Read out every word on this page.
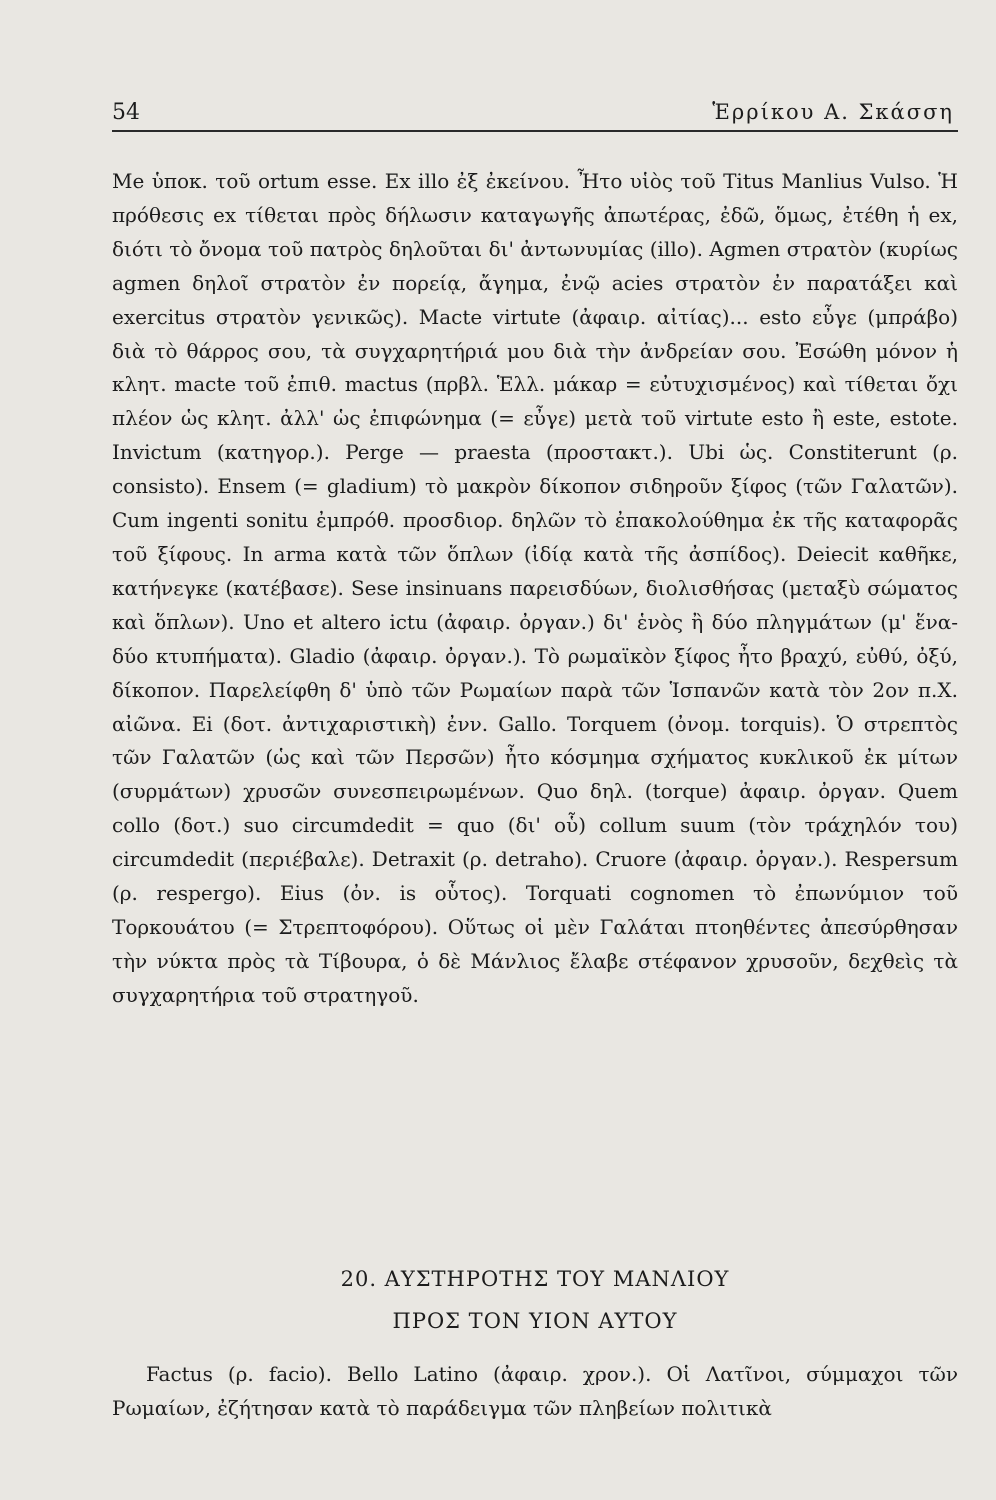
54	Ἑρρίκου Α. Σκάσση

Me ὑποκ. τοῦ ortum esse. Ex illo ἐξ ἐκείνου. Ἦτο υἱὸς τοῦ Titus Manlius Vulso. Ἡ πρόθεσις ex τίθεται πρὸς δήλωσιν καταγωγῆς ἀπωτέρας, ἐδῶ, ὅμως, ἐτέθη ἡ ex, διότι τὸ ὄνομα τοῦ πατρὸς δηλοῦται δι' ἀντωνυμίας (illo). Agmen στρατὸν (κυρίως agmen δηλοῖ στρατὸν ἐν πορείᾳ, ἄγημα, ἐνῷ acies στρατὸν ἐν παρατάξει καὶ exercitus στρατὸν γενικῶς). Macte virtute (ἀφαιρ. αἰτίας)... esto εὖγε (μπράβο) διὰ τὸ θάρρος σου, τὰ συγχαρητήριά μου διὰ τὴν ἀνδρείαν σου. Ἐσώθη μόνον ἡ κλητ. macte τοῦ ἐπιθ. mactus (πρβλ. Ἑλλ. μάκαρ = εὐτυχισμένος) καὶ τίθεται ὄχι πλέον ὡς κλητ. ἀλλ' ὡς ἐπιφώνημα (= εὖγε) μετὰ τοῦ virtute esto ἢ este, estote. Invictum (κατηγορ.). Perge — praesta (προστακτ.). Ubi ὡς. Constiterunt (ρ. consisto). Ensem (= gladium) τὸ μακρὸν δίκοπον σιδηροῦν ξίφος (τῶν Γαλατῶν). Cum ingenti sonitu ἐμπρόθ. προσδιορ. δηλῶν τὸ ἐπακολούθημα ἐκ τῆς καταφορᾶς τοῦ ξίφους. In arma κατὰ τῶν ὅπλων (ἰδίᾳ κατὰ τῆς ἀσπίδος). Deiecit καθῆκε, κατήνεγκε (κατέβασε). Sese insinuans παρεισδύων, διολισθήσας (μεταξὺ σώματος καὶ ὅπλων). Uno et altero ictu (ἀφαιρ. ὀργαν.) δι' ἑνὸς ἢ δύο πληγμάτων (μ' ἕνα-δύο κτυπήματα). Gladio (ἀφαιρ. ὀργαν.). Τὸ ρωμαϊκὸν ξίφος ἦτο βραχύ, εὐθύ, ὀξύ, δίκοπον. Παρελείφθη δ' ὑπὸ τῶν Ρωμαίων παρὰ τῶν Ἱσπανῶν κατὰ τὸν 2ον π.Χ. αἰῶνα. Ei (δοτ. ἀντιχαριστικὴ) ἐνν. Gallo. Torquem (ὀνομ. torquis). Ὁ στρεπτὸς τῶν Γαλατῶν (ὡς καὶ τῶν Περσῶν) ἦτο κόσμημα σχήματος κυκλικοῦ ἐκ μίτων (συρμάτων) χρυσῶν συνεσπειρωμένων. Quo δηλ. (torque) ἀφαιρ. ὀργαν. Quem collo (δοτ.) suo circumdedit = quo (δι' οὗ) collum suum (τὸν τράχηλόν του) circumdedit (περιέβαλε). Detraxit (ρ. detraho). Cruore (ἀφαιρ. ὀργαν.). Respersum (ρ. respergo). Eius (ὀν. is οὗτος). Torquati cognomen τὸ ἐπωνύμιον τοῦ Τορκουάτου (= Στρεπτοφόρου). Οὕτως οἱ μὲν Γαλάται πτοηθέντες ἀπεσύρθησαν τὴν νύκτα πρὸς τὰ Τίβουρα, ὁ δὲ Μάνλιος ἔλαβε στέφανον χρυσοῦν, δεχθεὶς τὰ συγχαρητήρια τοῦ στρατηγοῦ.

20. ΑΥΣΤΗΡΟΤΗΣ ΤΟΥ ΜΑΝΛΙΟΥ
ΠΡΟΣ ΤΟΝ ΥΙΟΝ ΑΥΤΟΥ

Factus (ρ. facio). Bello Latino (ἀφαιρ. χρον.). Οἱ Λατῖνοι, σύμμαχοι τῶν Ρωμαίων, ἐζήτησαν κατὰ τὸ παράδειγμα τῶν πληβείων πολιτικὰ
